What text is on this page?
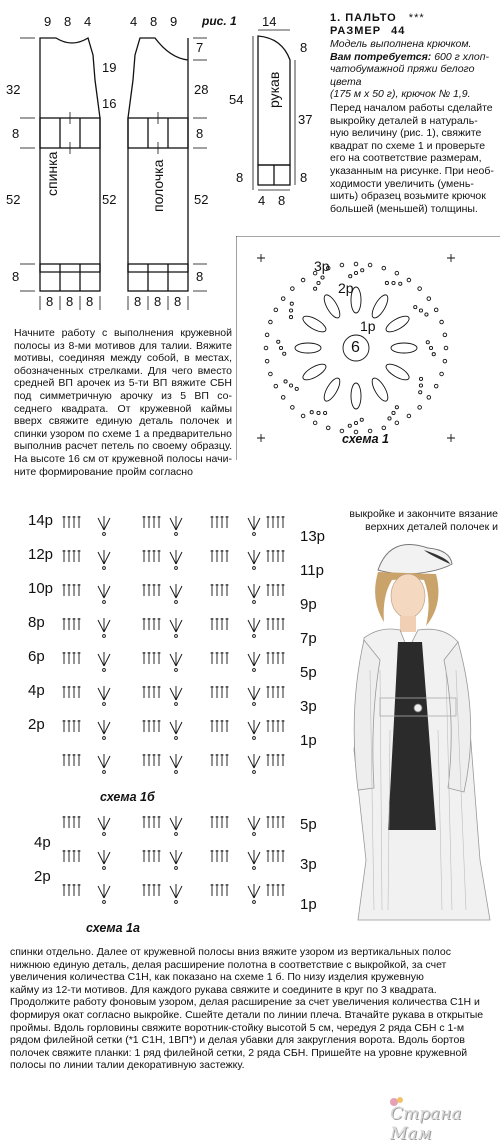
9 8 4	4 8 9
32
52
8
8
19
16
52
7
28
8
52
8
8 8 8	8 8 8
рис. 1
спинка	полочка
рукав
14
8
37
8
54
8
4 8
1. ПАЛЬТО ***
РАЗМЕР 44
Модель выполнена крючком.
Вам потребуется: 600 г хлоп-
чатобумажной пряжи белого цвета
(175 м х 50 г), крючок № 1,9.
Перед началом работы сделайте
выкройку деталей в натураль-
ную величину (рис. 1), свяжите
квадрат по схеме 1 и проверьте
его на соответствие размерам,
указанным на рисунке. При необ-
ходимости увеличить (умень-
шить) образец возьмите крючок
большей (меньшей) толщины.
6
3р
2р
1р
схема 1
Начните работу с выполнения кружевной
полосы из 8-ми мотивов для талии. Вяжите
мотивы, соединяя между собой, в местах,
обозначенных стрелками. Для чего вместо
средней ВП арочек из 5-ти ВП вяжите СБН
под симметричную арочку из 5 ВП со-
седнего квадрата. От кружевной каймы
вверх свяжите единую деталь полочек и
спинки узором по схеме 1 а предварительно
выполнив расчет петель по своему образцу.
На высоте 16 см от кружевной полосы начи-
ните формирование пройм согласно
выкройке и закончите вязание
верхних деталей полочек и
14р
12р
10р
8р
6р
4р
2р
13р
11р
9р
7р
5р
3р
1р
схема 1б
4р
2р
5р
3р
1р
схема 1а
спинки отдельно. Далее от кружевной полосы вниз вяжите узором из вертикальных полос
нижнюю единую деталь, делая расширение полотна в соответствие с выкройкой, за счет
увеличения количества С1Н, как показано на схеме 1 б. По низу изделия кружевную
кайму из 12-ти мотивов. Для каждого рукава свяжите и соедините в круг по 3 квадрата.
Продолжите работу фоновым узором, делая расширение за счет увеличения количества С1Н и
формируя окат согласно выкройке. Сшейте детали по линии плеча. Втачайте рукава в открытые
проймы. Вдоль горловины свяжите воротник-стойку высотой 5 см, чередуя 2 ряда СБН с 1-м
рядом филейной сетки (*1 С1Н, 1ВП*) и делая убавки для закругления ворота. Вдоль бортов
полочек свяжите планки: 1 ряд филейной сетки, 2 ряда СБН. Пришейте на уровне кружевной
полосы по линии талии декоративную застежку.
Страна Мам
